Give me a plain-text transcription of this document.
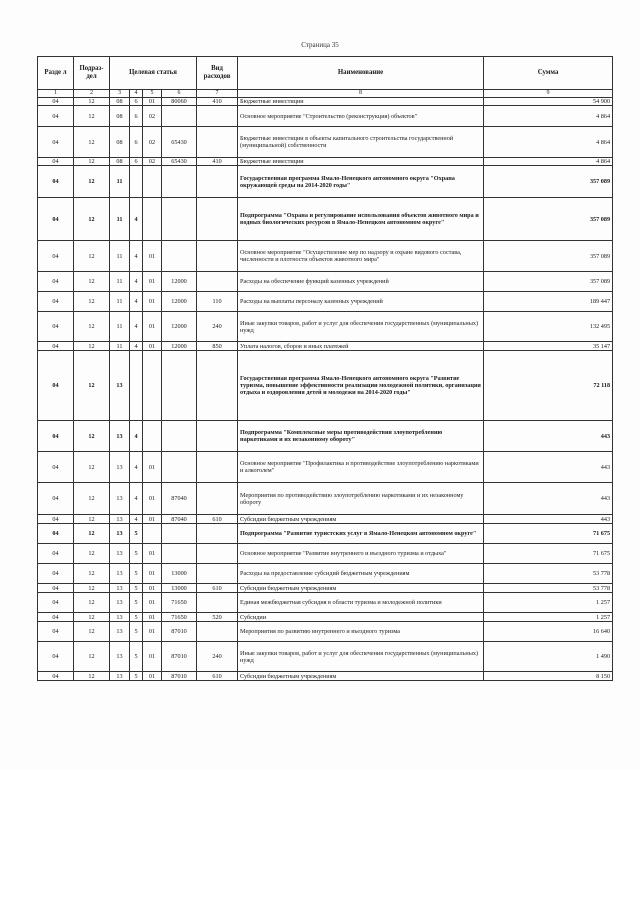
Страница 35
Разде л	Подраз- дел	Целевая статья				Вид расходов	Наименование	Сумма
1	2	3	4	5	6	7	8	9
04	12	08	6	01	80060	410	Бюджетные инвестиции	54 900
04	12	08	6	02			Основное мероприятие "Строительство (реконструкция) объектов"	4 864
04	12	08	6	02	65430		Бюджетные инвестиции в объекты капитального строительства государственной (муниципальной) собственности	4 864
04	12	08	6	02	65430	410	Бюджетные инвестиции	4 864
04	12	11					Государственная программа Ямало-Ненецкого автономного округа "Охрана окружающей среды на 2014-2020 годы"	357 089
04	12	11	4				Подпрограмма "Охрана и регулирование использования объектов животного мира и водных биологических ресурсов в Ямало-Ненецком автономном округе"	357 089
04	12	11	4	01			Основное мероприятие "Осуществление мер по надзору и охране видового состава, численности и плотности объектов животного мира"	357 089
04	12	11	4	01	12000		Расходы на обеспечение функций казенных учреждений	357 089
04	12	11	4	01	12000	110	Расходы на выплаты персоналу казенных учреждений	189 447
04	12	11	4	01	12000	240	Иные закупки товаров, работ и услуг для обеспечения государственных (муниципальных) нужд	132 495
04	12	11	4	01	12000	850	Уплата налогов, сборов и иных платежей	35 147
04	12	13					Государственная программа Ямало-Ненецкого автономного округа "Развитие туризма, повышение эффективности реализации молодежной политики, организация отдыха и оздоровления детей и молодежи на 2014-2020 годы"	72 118
04	12	13	4				Подпрограмма "Комплексные меры противодействия злоупотреблению наркотиками и их незаконному обороту"	443
04	12	13	4	01			Основное мероприятие "Профилактика и противодействие злоупотреблению наркотиками и алкоголем"	443
04	12	13	4	01	87040		Мероприятия по противодействию злоупотреблению наркотиками и их незаконному обороту	443
04	12	13	4	01	87040	610	Субсидии бюджетным учреждениям	443
04	12	13	5				Подпрограмма "Развитие туристских услуг в Ямало-Ненецком автономном округе"	71 675
04	12	13	5	01			Основное мероприятие "Развитие внутреннего и въездного туризма и отдыха"	71 675
04	12	13	5	01	13000		Расходы на предоставление субсидий бюджетным учреждениям	53 778
04	12	13	5	01	13000	610	Субсидии бюджетным учреждениям	53 778
04	12	13	5	01	71650		Единая межбюджетная субсидия в области туризма и молодежной политики	1 257
04	12	13	5	01	71650	520	Субсидии	1 257
04	12	13	5	01	87010		Мероприятия по развитию внутреннего и въездного туризма	16 640
04	12	13	5	01	87010	240	Иные закупки товаров, работ и услуг для обеспечения государственных (муниципальных) нужд	1 490
04	12	13	5	01	87010	610	Субсидии бюджетным учреждениям	8 150
